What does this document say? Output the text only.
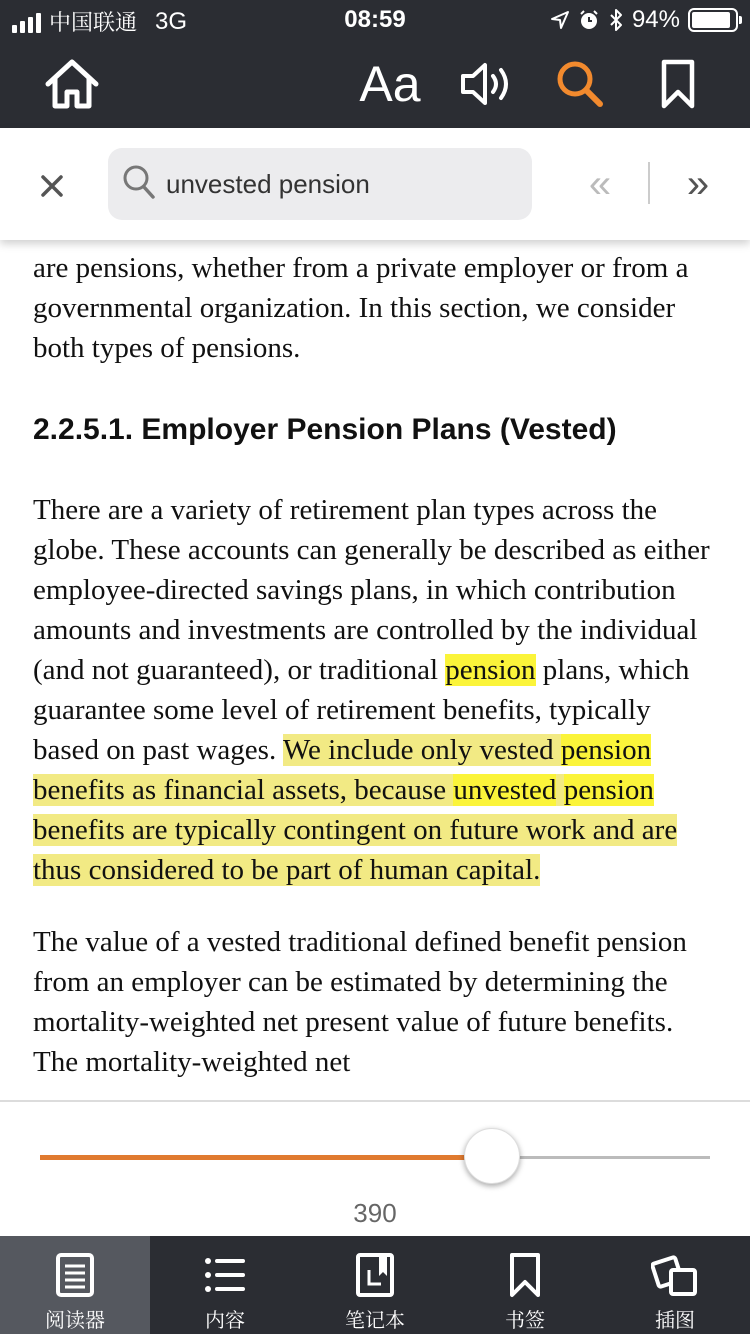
中国联通 3G	08:59	94%
Aa
unvested pension
« »

are pensions, whether from a private employer or from a governmental organization. In this section, we consider both types of pensions.

2.2.5.1. Employer Pension Plans (Vested)

There are a variety of retirement plan types across the globe. These accounts can generally be described as either employee-directed savings plans, in which contribution amounts and investments are controlled by the individual (and not guaranteed), or traditional pension plans, which guarantee some level of retirement benefits, typically based on past wages. We include only vested pension benefits as financial assets, because unvested pension benefits are typically contingent on future work and are thus considered to be part of human capital.

The value of a vested traditional defined benefit pension from an employer can be estimated by determining the mortality-weighted net present value of future benefits. The mortality-weighted net

390
阅读器	内容	笔记本	书签	插图
